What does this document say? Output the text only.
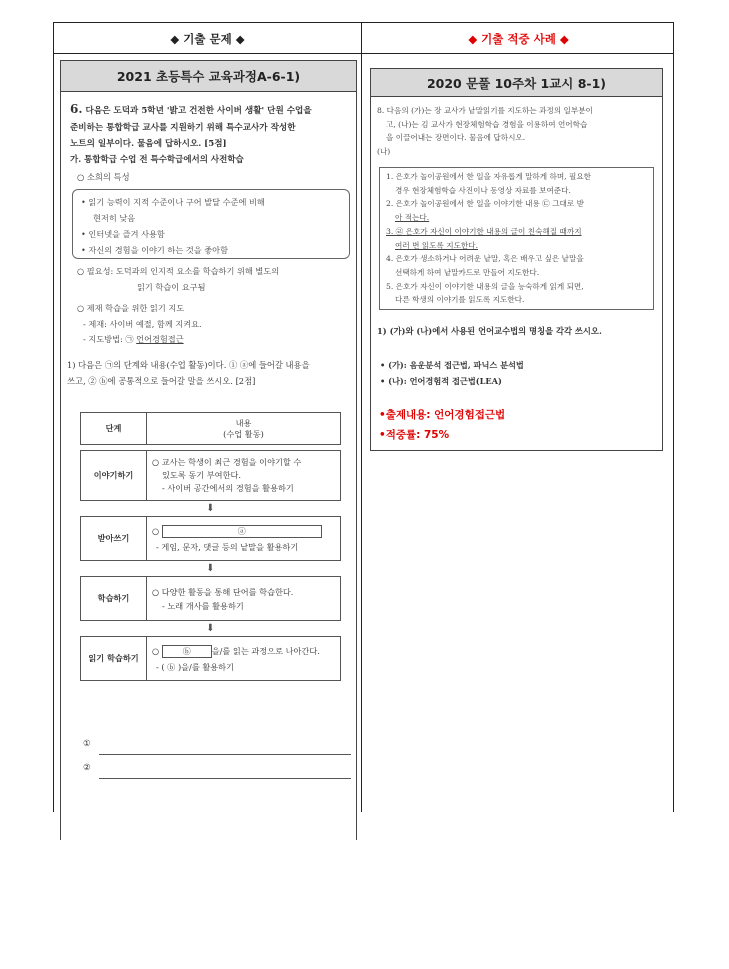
◆ 기출 문제 ◆	◆ 기출 적중 사례 ◆
2021 초등특수 교육과정A-6-1)
6. 다음은 도덕과 5학년 '밝고 건전한 사이버 생활' 단원 수업을
준비하는 통합학급 교사를 지원하기 위해 특수교사가 작성한
노트의 일부이다. 물음에 답하시오. [5점]
가. 통합학급 수업 전 특수학급에서의 사전학습
○ 소희의 특성
• 읽기 능력이 지적 수준이나 구어 발달 수준에 비해
현저히 낮음
• 인터넷을 즐겨 사용함
• 자신의 경험을 이야기 하는 것을 좋아함
○ 필요성: 도덕과의 인지적 요소를 학습하기 위해 별도의
읽기 학습이 요구됨
○ 제재 학습을 위한 읽기 지도
- 제재: 사이버 예절, 함께 지켜요.
- 지도방법: ㉠ 언어경험접근
1) 다음은 ㉠의 단계와 내용(수업 활동)이다. ① ⓐ에 들어갈 내용을
쓰고, ② ⓑ에 공통적으로 들어갈 말을 쓰시오. [2점]
단계	내용
(수업 활동)

이야기하기	○ 교사는 학생이 최근 경험을 이야기할 수
있도록 동기 부여한다.
- 사이버 공간에서의 경험을 활용하기

⬇	
받아쓰기	○ ⓐ
- 게임, 문자, 댓글 등의 낱말을 활용하기

⬇	
학습하기	○ 다양한 활동을 통해 단어를 학습한다.
- 노래 개사를 활용하기

⬇	
읽기 학습하기	○ ⓑ 을/를 읽는 과정으로 나아간다.
- ( ⓑ )을/를 활용하기
①
②
2020 문풀 10주차 1교시 8-1)
8. 다음의 (가)는 장 교사가 낱말읽기를 지도하는 과정의 일부분이
고, (나)는 김 교사가 현장체험학습 경험을 이용하여 언어학습
을 이끌어내는 장면이다. 물음에 답하시오.
(나)
1. 은호가 놀이공원에서 한 일을 자유롭게 말하게 하며, 필요한
경우 현장체험학습 사진이나 동영상 자료를 보여준다.
2. 은호가 놀이공원에서 한 일을 이야기한 내용 ㉢ 그대로 받
아 적는다.
3. ㉣ 은호가 자신이 이야기한 내용의 글이 친숙해질 때까지
여러 번 읽도록 지도한다.
4. 은호가 생소하거나 어려운 낱말, 혹은 배우고 싶은 낱말을
선택하게 하여 낱말카드로 만들어 지도한다.
5. 은호가 자신이 이야기한 내용의 글을 능숙하게 읽게 되면,
다른 학생의 이야기를 읽도록 지도한다.
1) (가)와 (나)에서 사용된 언어교수법의 명칭을 각각 쓰시오.
• (가): 음운분석 접근법, 파닉스 분석법
• (나): 언어경험적 접근법(LEA)
•출제내용: 언어경험접근법
•적중률: 75%
